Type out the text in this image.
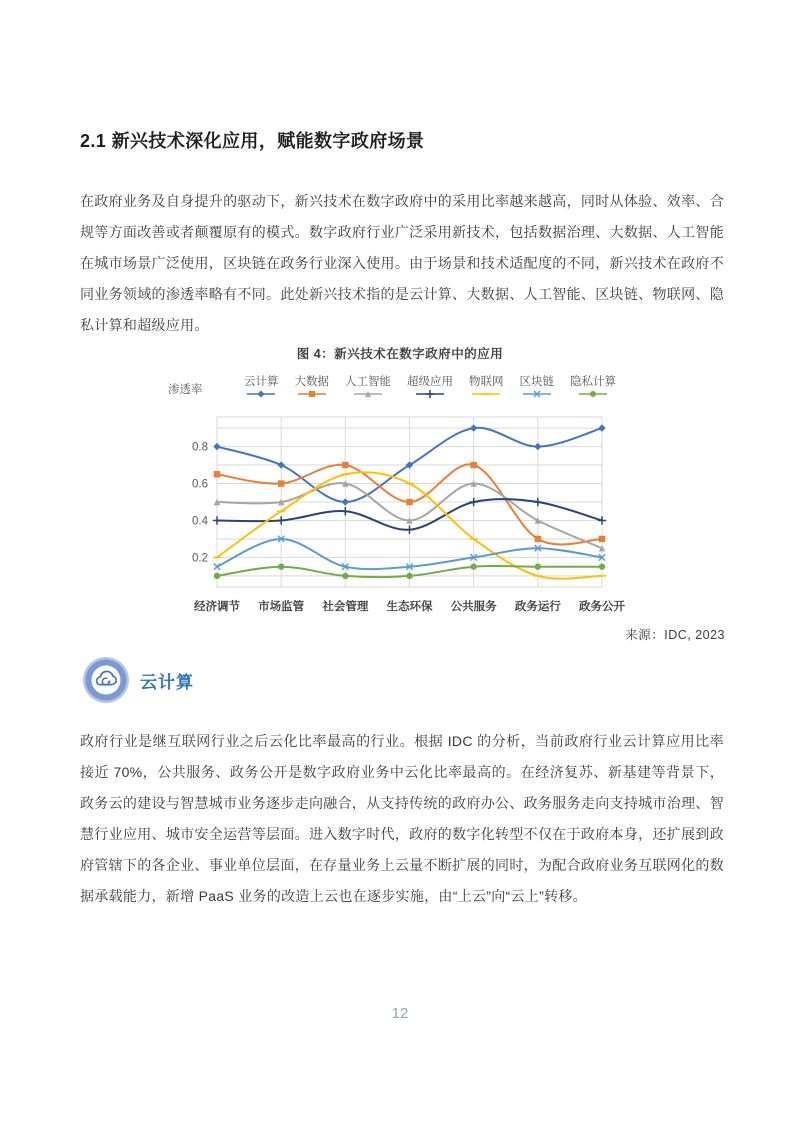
2.1 新兴技术深化应用，赋能数字政府场景
在政府业务及自身提升的驱动下，新兴技术在数字政府中的采用比率越来越高，同时从体验、效率、合规等方面改善或者颠覆原有的模式。数字政府行业广泛采用新技术，包括数据治理、大数据、人工智能在城市场景广泛使用，区块链在政务行业深入使用。由于场景和技术适配度的不同，新兴技术在政府不同业务领域的渗透率略有不同。此处新兴技术指的是云计算、大数据、人工智能、区块链、物联网、隐私计算和超级应用。
图 4：新兴技术在数字政府中的应用
渗透率
云计算 大数据 人工智能 超级应用 物联网 区块链 隐私计算
0.2
0.4
0.6
0.8
经济调节 市场监管 社会管理 生态环保 公共服务 政务运行 政务公开
来源：IDC, 2023
云计算
政府行业是继互联网行业之后云化比率最高的行业。根据 IDC 的分析，当前政府行业云计算应用比率接近 70%，公共服务、政务公开是数字政府业务中云化比率最高的。在经济复苏、新基建等背景下，政务云的建设与智慧城市业务逐步走向融合，从支持传统的政府办公、政务服务走向支持城市治理、智慧行业应用、城市安全运营等层面。进入数字时代，政府的数字化转型不仅在于政府本身，还扩展到政府管辖下的各企业、事业单位层面，在存量业务上云量不断扩展的同时，为配合政府业务互联网化的数据承载能力，新增 PaaS 业务的改造上云也在逐步实施，由“上云”向“云上”转移。
12
